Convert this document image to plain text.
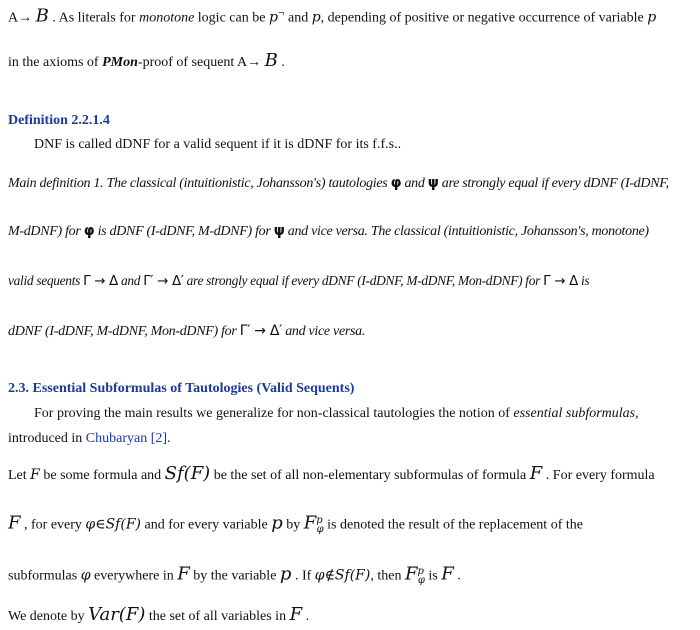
A→ B . As literals for monotone logic can be p¬ and p, depending of positive or negative occurrence of variable p
in the axioms of PMon-proof of sequent A→ B .
Definition 2.2.1.4
DNF is called dDNF for a valid sequent if it is dDNF for its f.f.s..
Main definition 1. The classical (intuitionistic, Johansson's) tautologies φ and ψ are strongly equal if every dDNF (I-dDNF,
M-dDNF) for φ is dDNF (I-dDNF, M-dDNF) for ψ and vice versa. The classical (intuitionistic, Johansson's, monotone)
valid sequents Γ → Δ and Γ′ → Δ′ are strongly equal if every dDNF (I-dDNF, M-dDNF, Mon-dDNF) for Γ → Δ is
dDNF (I-dDNF, M-dDNF, Mon-dDNF) for Γ′ → Δ′ and vice versa.
2.3. Essential Subformulas of Tautologies (Valid Sequents)
For proving the main results we generalize for non-classical tautologies the notion of essential subformulas,
introduced in Chubaryan [2].
Let F be some formula and Sf(F) be the set of all non-elementary subformulas of formula F . For every formula
F , for every φ∈Sf(F) and for every variable p by $F^p_\varphi$ is denoted the result of the replacement of the
subformulas φ everywhere in F by the variable p . If φ∉Sf(F), then $F^p_\varphi$ is F .
We denote by Var(F) the set of all variables in F .
